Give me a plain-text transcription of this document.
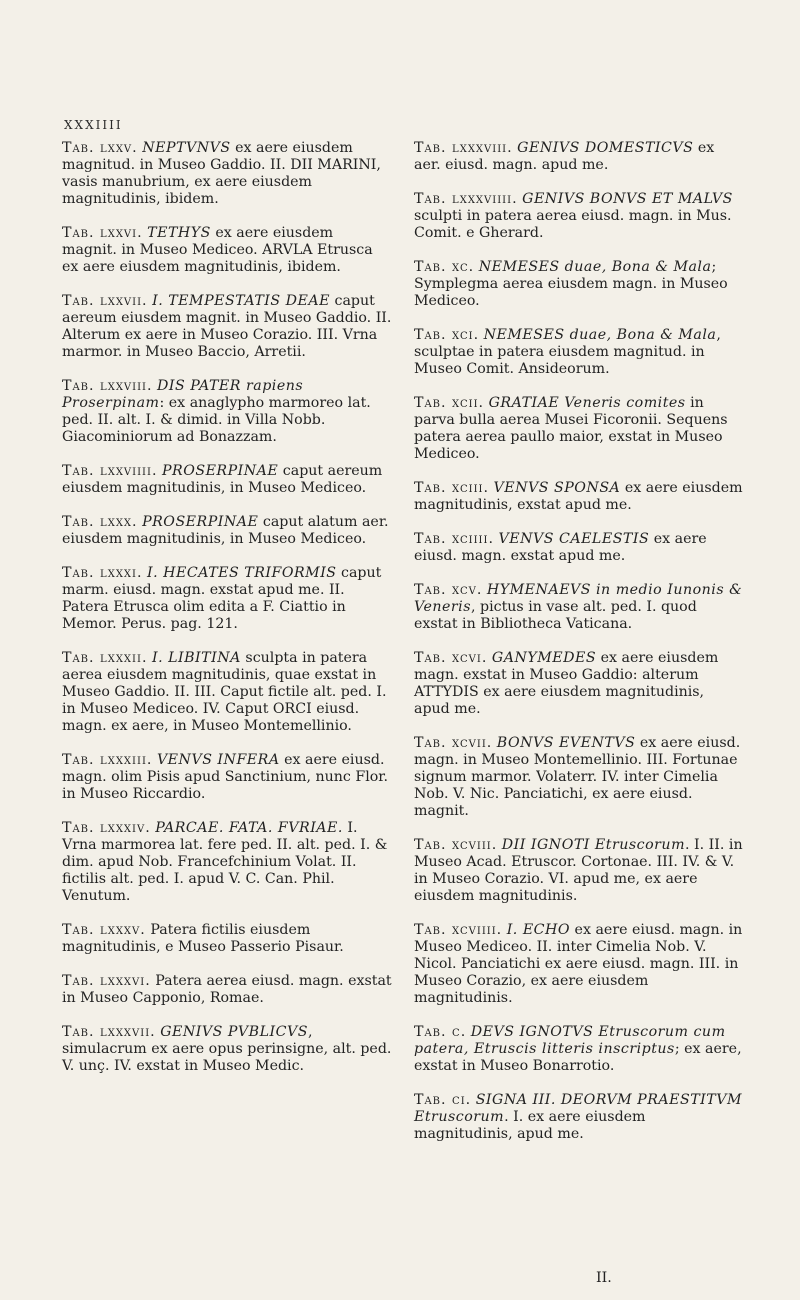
XXXIIII

Tab. lxxv. NEPTVNVS ex aere eiusdem magnitud. in Museo Gaddio. II. DII MARINI, vasis manubrium, ex aere eiusdem magnitudinis, ibidem.

Tab. lxxvi. TETHYS ex aere eiusdem magnit. in Museo Mediceo. ARVLA Etrusca ex aere eiusdem magnitudinis, ibidem.

Tab. lxxvii. I. TEMPESTATIS DEAE caput aereum eiusdem magnit. in Museo Gaddio. II. Alterum ex aere in Museo Corazio. III. Vrna marmor. in Museo Baccio, Arretii.

Tab. lxxviii. DIS PATER rapiens Proserpinam: ex anaglypho marmoreo lat. ped. II. alt. I. & dimid. in Villa Nobb. Giacominiorum ad Bonazzam.

Tab. lxxviiii. PROSERPINAE caput aereum eiusdem magnitudinis, in Museo Mediceo.

Tab. lxxx. PROSERPINAE caput alatum aer. eiusdem magnitudinis, in Museo Mediceo.

Tab. lxxxi. I. HECATES TRIFORMIS caput marm. eiusd. magn. exstat apud me. II. Patera Etrusca olim edita a F. Ciattio in Memor. Perus. pag. 121.

Tab. lxxxii. I. LIBITINA sculpta in patera aerea eiusdem magnitudinis, quae exstat in Museo Gaddio. II. III. Caput fictile alt. ped. I. in Museo Mediceo. IV. Caput ORCI eiusd. magn. ex aere, in Museo Montemellinio.

Tab. lxxxiii. VENVS INFERA ex aere eiusd. magn. olim Pisis apud Sanctinium, nunc Flor. in Museo Riccardio.

Tab. lxxxiv. PARCAE. FATA. FVRIAE. I. Vrna marmorea lat. fere ped. II. alt. ped. I. & dim. apud Nob. Francefchinium Volat. II. fictilis alt. ped. I. apud V. C. Can. Phil. Venutum.

Tab. lxxxv. Patera fictilis eiusdem magnitudinis, e Museo Passerio Pisaur.

Tab. lxxxvi. Patera aerea eiusd. magn. exstat in Museo Capponio, Romae.

Tab. lxxxvii. GENIVS PVBLICVS, simulacrum ex aere opus perinsigne, alt. ped. V. unç. IV. exstat in Museo Medic.

Tab. lxxxviii. GENIVS DOMESTICVS ex aer. eiusd. magn. apud me.

Tab. lxxxviiii. GENIVS BONVS ET MALVS sculpti in patera aerea eiusd. magn. in Mus. Comit. e Gherard.

Tab. xc. NEMESES duae, Bona & Mala; Symplegma aerea eiusdem magn. in Museo Mediceo.

Tab. xci. NEMESES duae, Bona & Mala, sculptae in patera eiusdem magnitud. in Museo Comit. Ansideorum.

Tab. xcii. GRATIAE Veneris comites in parva bulla aerea Musei Ficoronii. Sequens patera aerea paullo maior, exstat in Museo Mediceo.

Tab. xciii. VENVS SPONSA ex aere eiusdem magnitudinis, exstat apud me.

Tab. xciiii. VENVS CAELESTIS ex aere eiusd. magn. exstat apud me.

Tab. xcv. HYMENAEVS in medio Iunonis & Veneris, pictus in vase alt. ped. I. quod exstat in Bibliotheca Vaticana.

Tab. xcvi. GANYMEDES ex aere eiusdem magn. exstat in Museo Gaddio: alterum ATTYDIS ex aere eiusdem magnitudinis, apud me.

Tab. xcvii. BONVS EVENTVS ex aere eiusd. magn. in Museo Montemellinio. III. Fortunae signum marmor. Volaterr. IV. inter Cimelia Nob. V. Nic. Panciatichi, ex aere eiusd. magnit.

Tab. xcviii. DII IGNOTI Etruscorum. I. II. in Museo Acad. Etruscor. Cortonae. III. IV. & V. in Museo Corazio. VI. apud me, ex aere eiusdem magnitudinis.

Tab. xcviiii. I. ECHO ex aere eiusd. magn. in Museo Mediceo. II. inter Cimelia Nob. V. Nicol. Panciatichi ex aere eiusd. magn. III. in Museo Corazio, ex aere eiusdem magnitudinis.

Tab. c. DEVS IGNOTVS Etruscorum cum patera, Etruscis litteris inscriptus; ex aere, exstat in Museo Bonarrotio.

Tab. ci. SIGNA III. DEORVM PRAESTITVM Etruscorum. I. ex aere eiusdem magnitudinis, apud me.

II.
